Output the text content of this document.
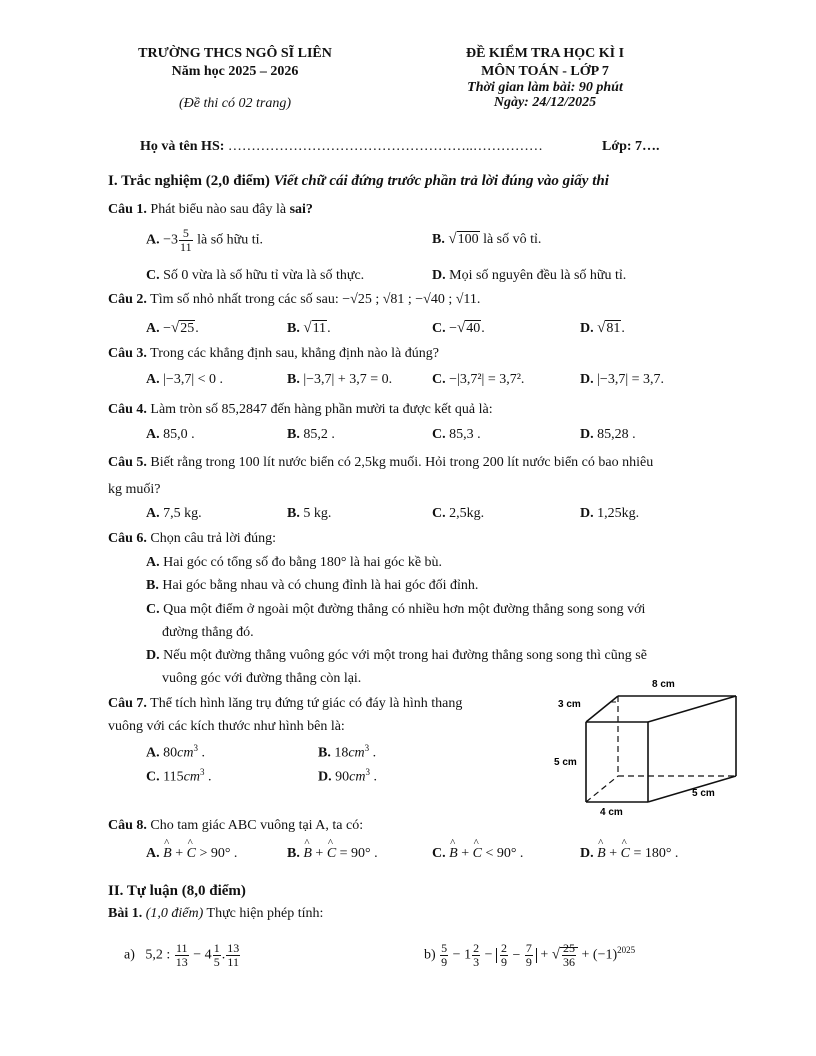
TRƯỜNG THCS NGÔ SĨ LIÊN
Năm học 2025 – 2026
(Đề thi có 02 trang)
ĐỀ KIỂM TRA HỌC KÌ I
MÔN TOÁN - LỚP 7
Thời gian làm bài: 90 phút
Ngày: 24/12/2025
Họ và tên HS: ……………………………………………..……………	Lớp: 7….
I. Trắc nghiệm (2,0 điểm) Viết chữ cái đứng trước phần trả lời đúng vào giấy thi
Câu 1. Phát biểu nào sau đây là sai?
A. $-3 \frac{5}{11}$ là số hữu tỉ.	B. √100 là số vô tỉ.
C. Số 0 vừa là số hữu tỉ vừa là số thực.	D. Mọi số nguyên đều là số hữu tỉ.
Câu 2. Tìm số nhỏ nhất trong các số sau: −√25 ; √81 ; −√40 ; √11.
A. −√25.	B. √11.	C. −√40.	D. √81.
Câu 3. Trong các khẳng định sau, khẳng định nào là đúng?
A. |−3,7| < 0 .	B. |−3,7| + 3,7 = 0.	C. −|3,7²| = 3,7².	D. |−3,7| = 3,7.
Câu 4. Làm tròn số 85,2847 đến hàng phần mười ta được kết quả là:
A. 85,0 .	B. 85,2 .	C. 85,3 .	D. 85,28 .
Câu 5. Biết rằng trong 100 lít nước biển có 2,5kg muối. Hỏi trong 200 lít nước biển có bao nhiêu
kg muối?
A. 7,5 kg.	B. 5 kg.	C. 2,5kg.	D. 1,25kg.
Câu 6. Chọn câu trả lời đúng:
A. Hai góc có tổng số đo bằng 180° là hai góc kề bù.
B. Hai góc bằng nhau và có chung đỉnh là hai góc đối đỉnh.
C. Qua một điểm ở ngoài một đường thẳng có nhiều hơn một đường thẳng song song với
đường thẳng đó.
D. Nếu một đường thẳng vuông góc với một trong hai đường thẳng song song thì cũng sẽ
vuông góc với đường thẳng còn lại.
Câu 7. Thể tích hình lăng trụ đứng tứ giác có đáy là hình thang
vuông với các kích thước như hình bên là:
A. $80cm^3$ .	B. $18cm^3$ .
C. $115cm^3$ .	D. $90cm^3$ .
8 cm
3 cm
5 cm
5 cm
4 cm
Câu 8. Cho tam giác ABC vuông tại A, ta có:
A. ^ B + ^ C > 90° .	B. ^ B + ^ C = 90° .	C. ^ B + ^ C < 90° .	D. ^ B + ^ C = 180° .
II. Tự luận (8,0 điểm)
Bài 1. (1,0 điểm) Thực hiện phép tính:
a)   5,2 : $\frac{11}{13} - 4 \frac{1}{5}$ . $\frac{13}{11}$	$b) \frac{5}{9} - 1 \frac{2}{3} - \frac{2}{9} - \frac{7}{9}$ + √ $\frac{25}{36} + (-1)^{2025}$
